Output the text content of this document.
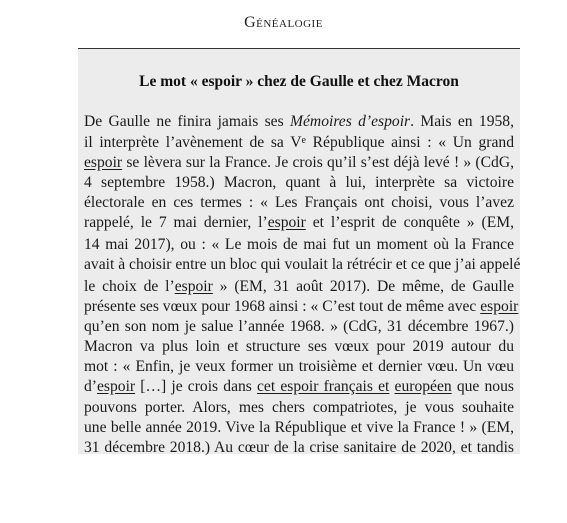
Généalogie
Le mot « espoir » chez de Gaulle et chez Macron
De Gaulle ne finira jamais ses Mémoires d’espoir. Mais en 1958,
il interprète l’avènement de sa Ve République ainsi : « Un grand
espoir se lèvera sur la France. Je crois qu’il s’est déjà levé ! » (CdG,
4 septembre 1958.) Macron, quant à lui, interprète sa victoire
électorale en ces termes : « Les Français ont choisi, vous l’avez
rappelé, le 7 mai dernier, l’espoir et l’esprit de conquête » (EM,
14 mai 2017), ou : « Le mois de mai fut un moment où la France
avait à choisir entre un bloc qui voulait la rétrécir et ce que j’ai appelé
le choix de l’espoir » (EM, 31 août 2017). De même, de Gaulle
présente ses vœux pour 1968 ainsi : « C’est tout de même avec espoir
qu’en son nom je salue l’année 1968. » (CdG, 31 décembre 1967.)
Macron va plus loin et structure ses vœux pour 2019 autour du
mot : « Enfin, je veux former un troisième et dernier vœu. Un vœu
d’espoir […] je crois dans cet espoir français et européen que nous
pouvons porter. Alors, mes chers compatriotes, je vous souhaite
une belle année 2019. Vive la République et vive la France ! » (EM,
31 décembre 2018.) Au cœur de la crise sanitaire de 2020, et tandis
